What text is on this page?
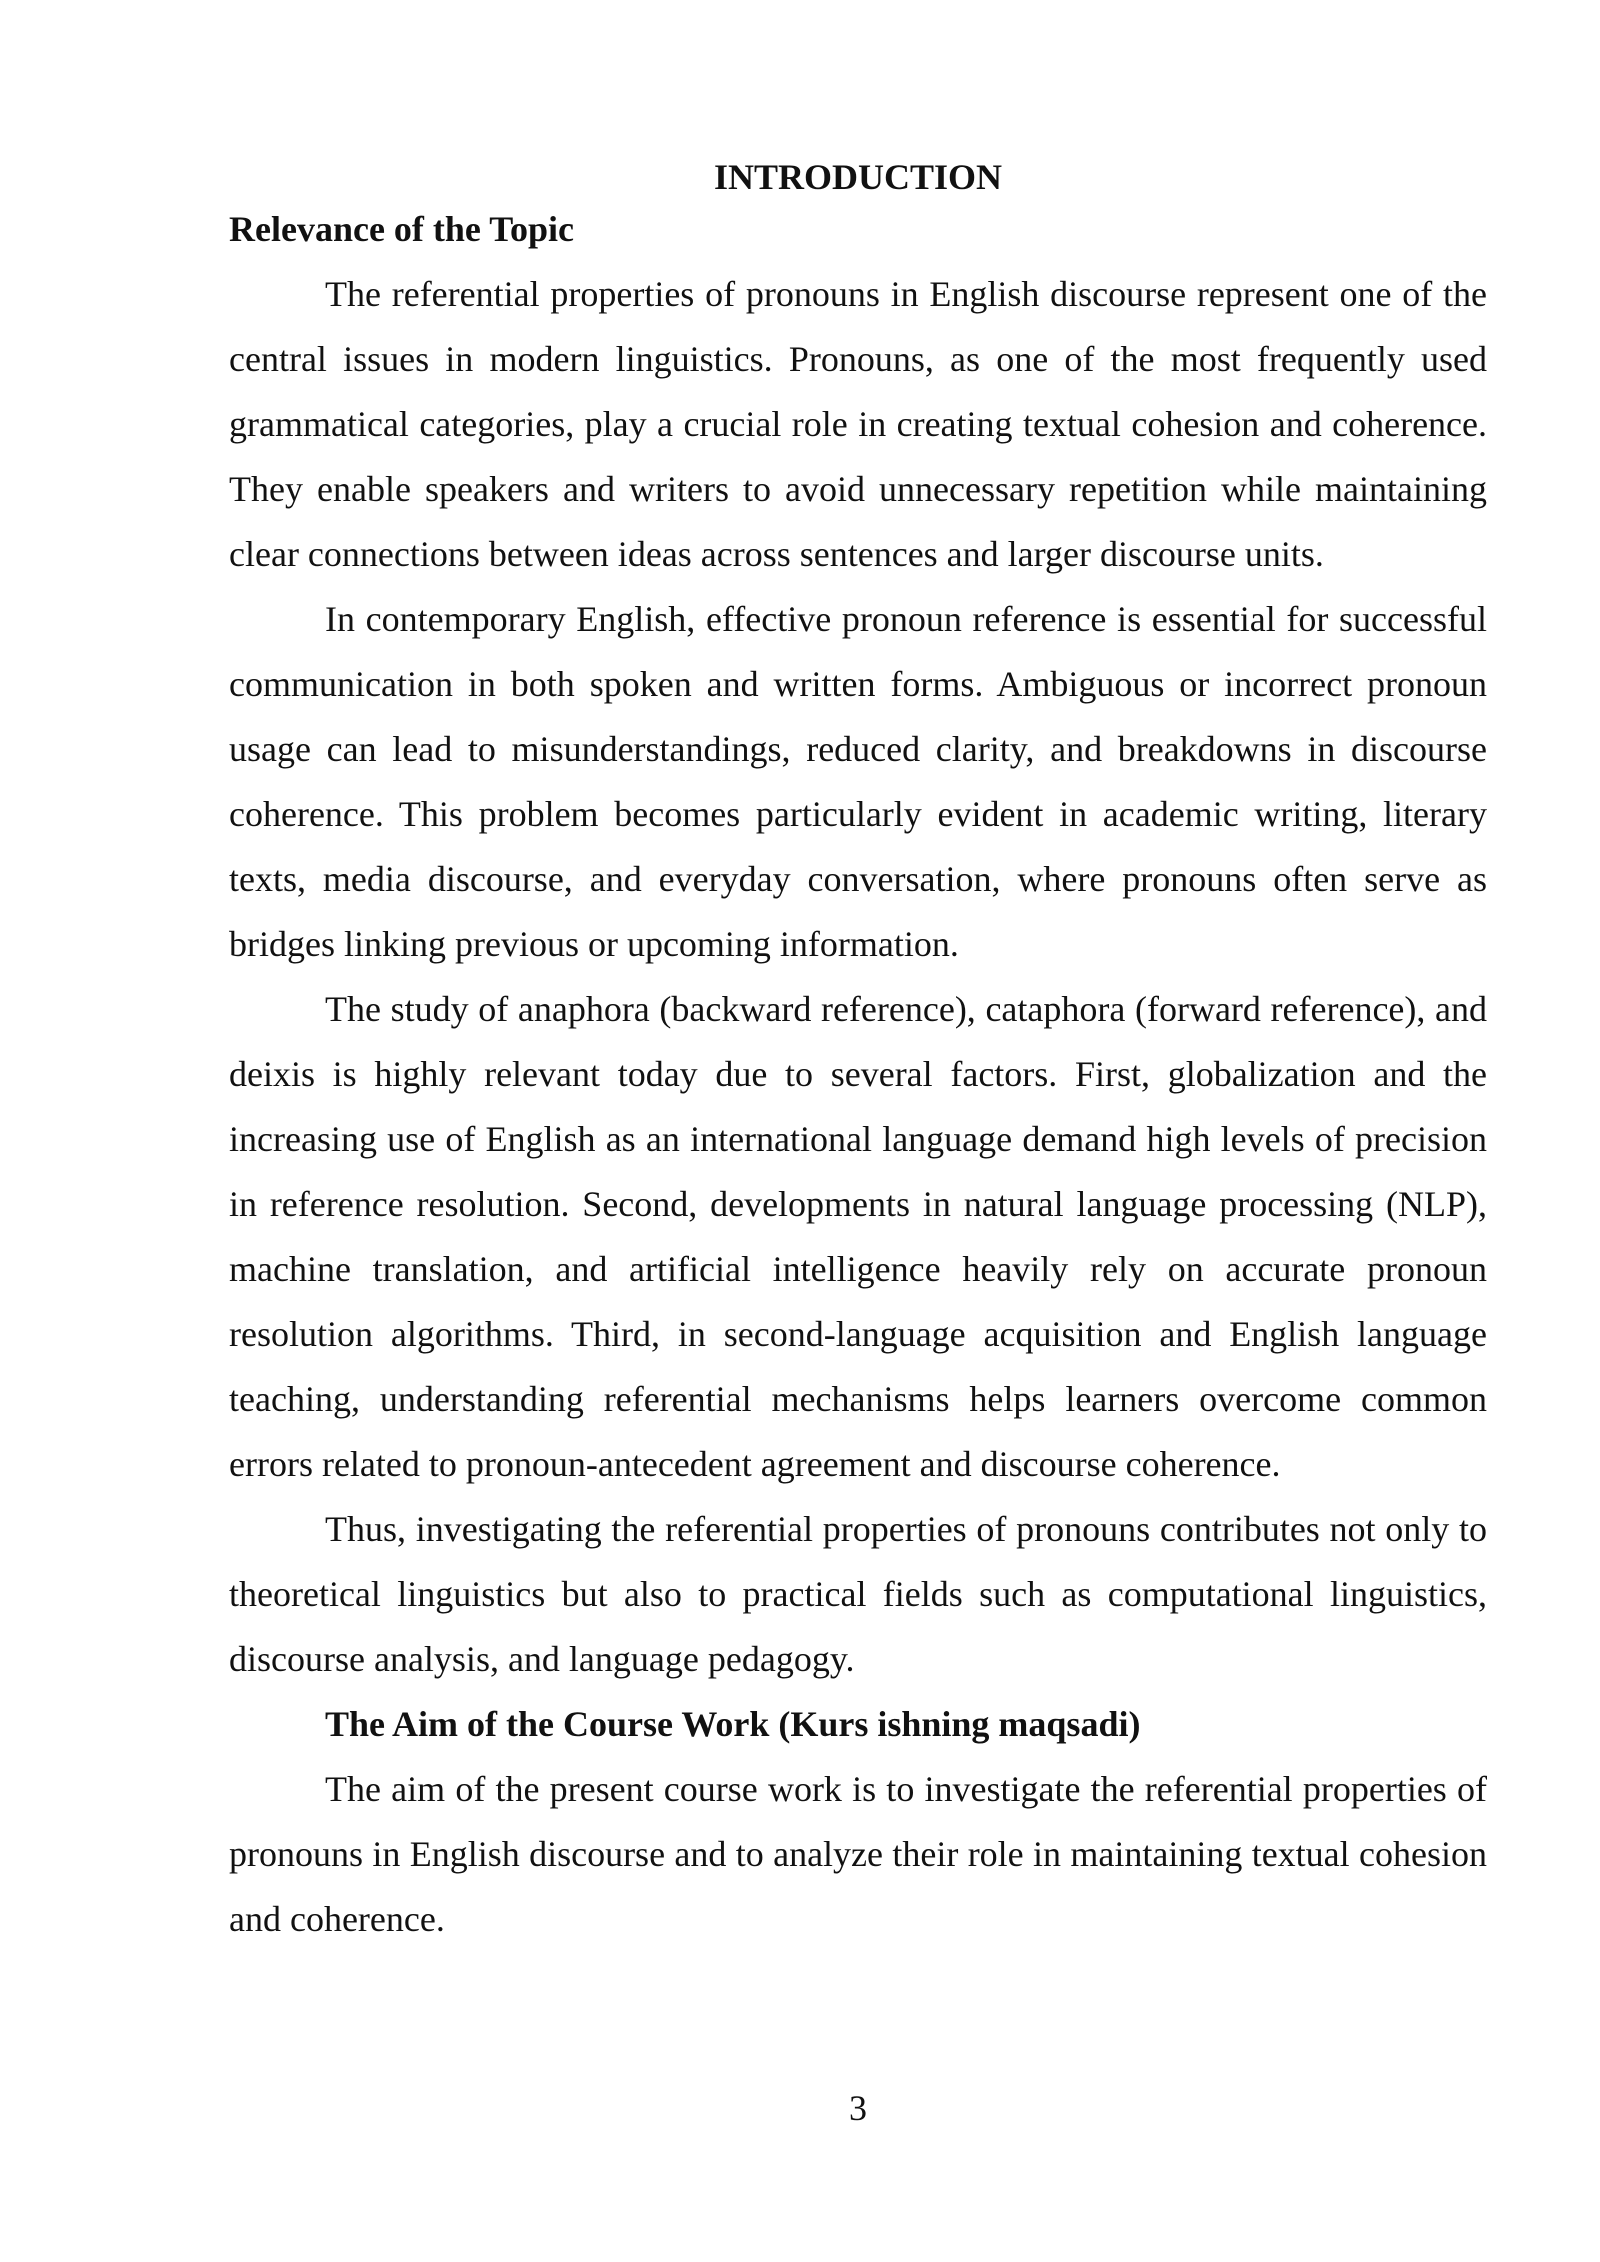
INTRODUCTION

Relevance of the Topic

The referential properties of pronouns in English discourse represent one of the central issues in modern linguistics. Pronouns, as one of the most frequently used grammatical categories, play a crucial role in creating textual cohesion and coherence. They enable speakers and writers to avoid unnecessary repetition while maintaining clear connections between ideas across sentences and larger discourse units.

In contemporary English, effective pronoun reference is essential for successful communication in both spoken and written forms. Ambiguous or incorrect pronoun usage can lead to misunderstandings, reduced clarity, and breakdowns in discourse coherence. This problem becomes particularly evident in academic writing, literary texts, media discourse, and everyday conversation, where pronouns often serve as bridges linking previous or upcoming information.

The study of anaphora (backward reference), cataphora (forward reference), and deixis is highly relevant today due to several factors. First, globalization and the increasing use of English as an international language demand high levels of precision in reference resolution. Second, developments in natural language processing (NLP), machine translation, and artificial intelligence heavily rely on accurate pronoun resolution algorithms. Third, in second-language acquisition and English language teaching, understanding referential mechanisms helps learners overcome common errors related to pronoun-antecedent agreement and discourse coherence.

Thus, investigating the referential properties of pronouns contributes not only to theoretical linguistics but also to practical fields such as computational linguistics, discourse analysis, and language pedagogy.

The Aim of the Course Work (Kurs ishning maqsadi)

The aim of the present course work is to investigate the referential properties of pronouns in English discourse and to analyze their role in maintaining textual cohesion and coherence.

3
